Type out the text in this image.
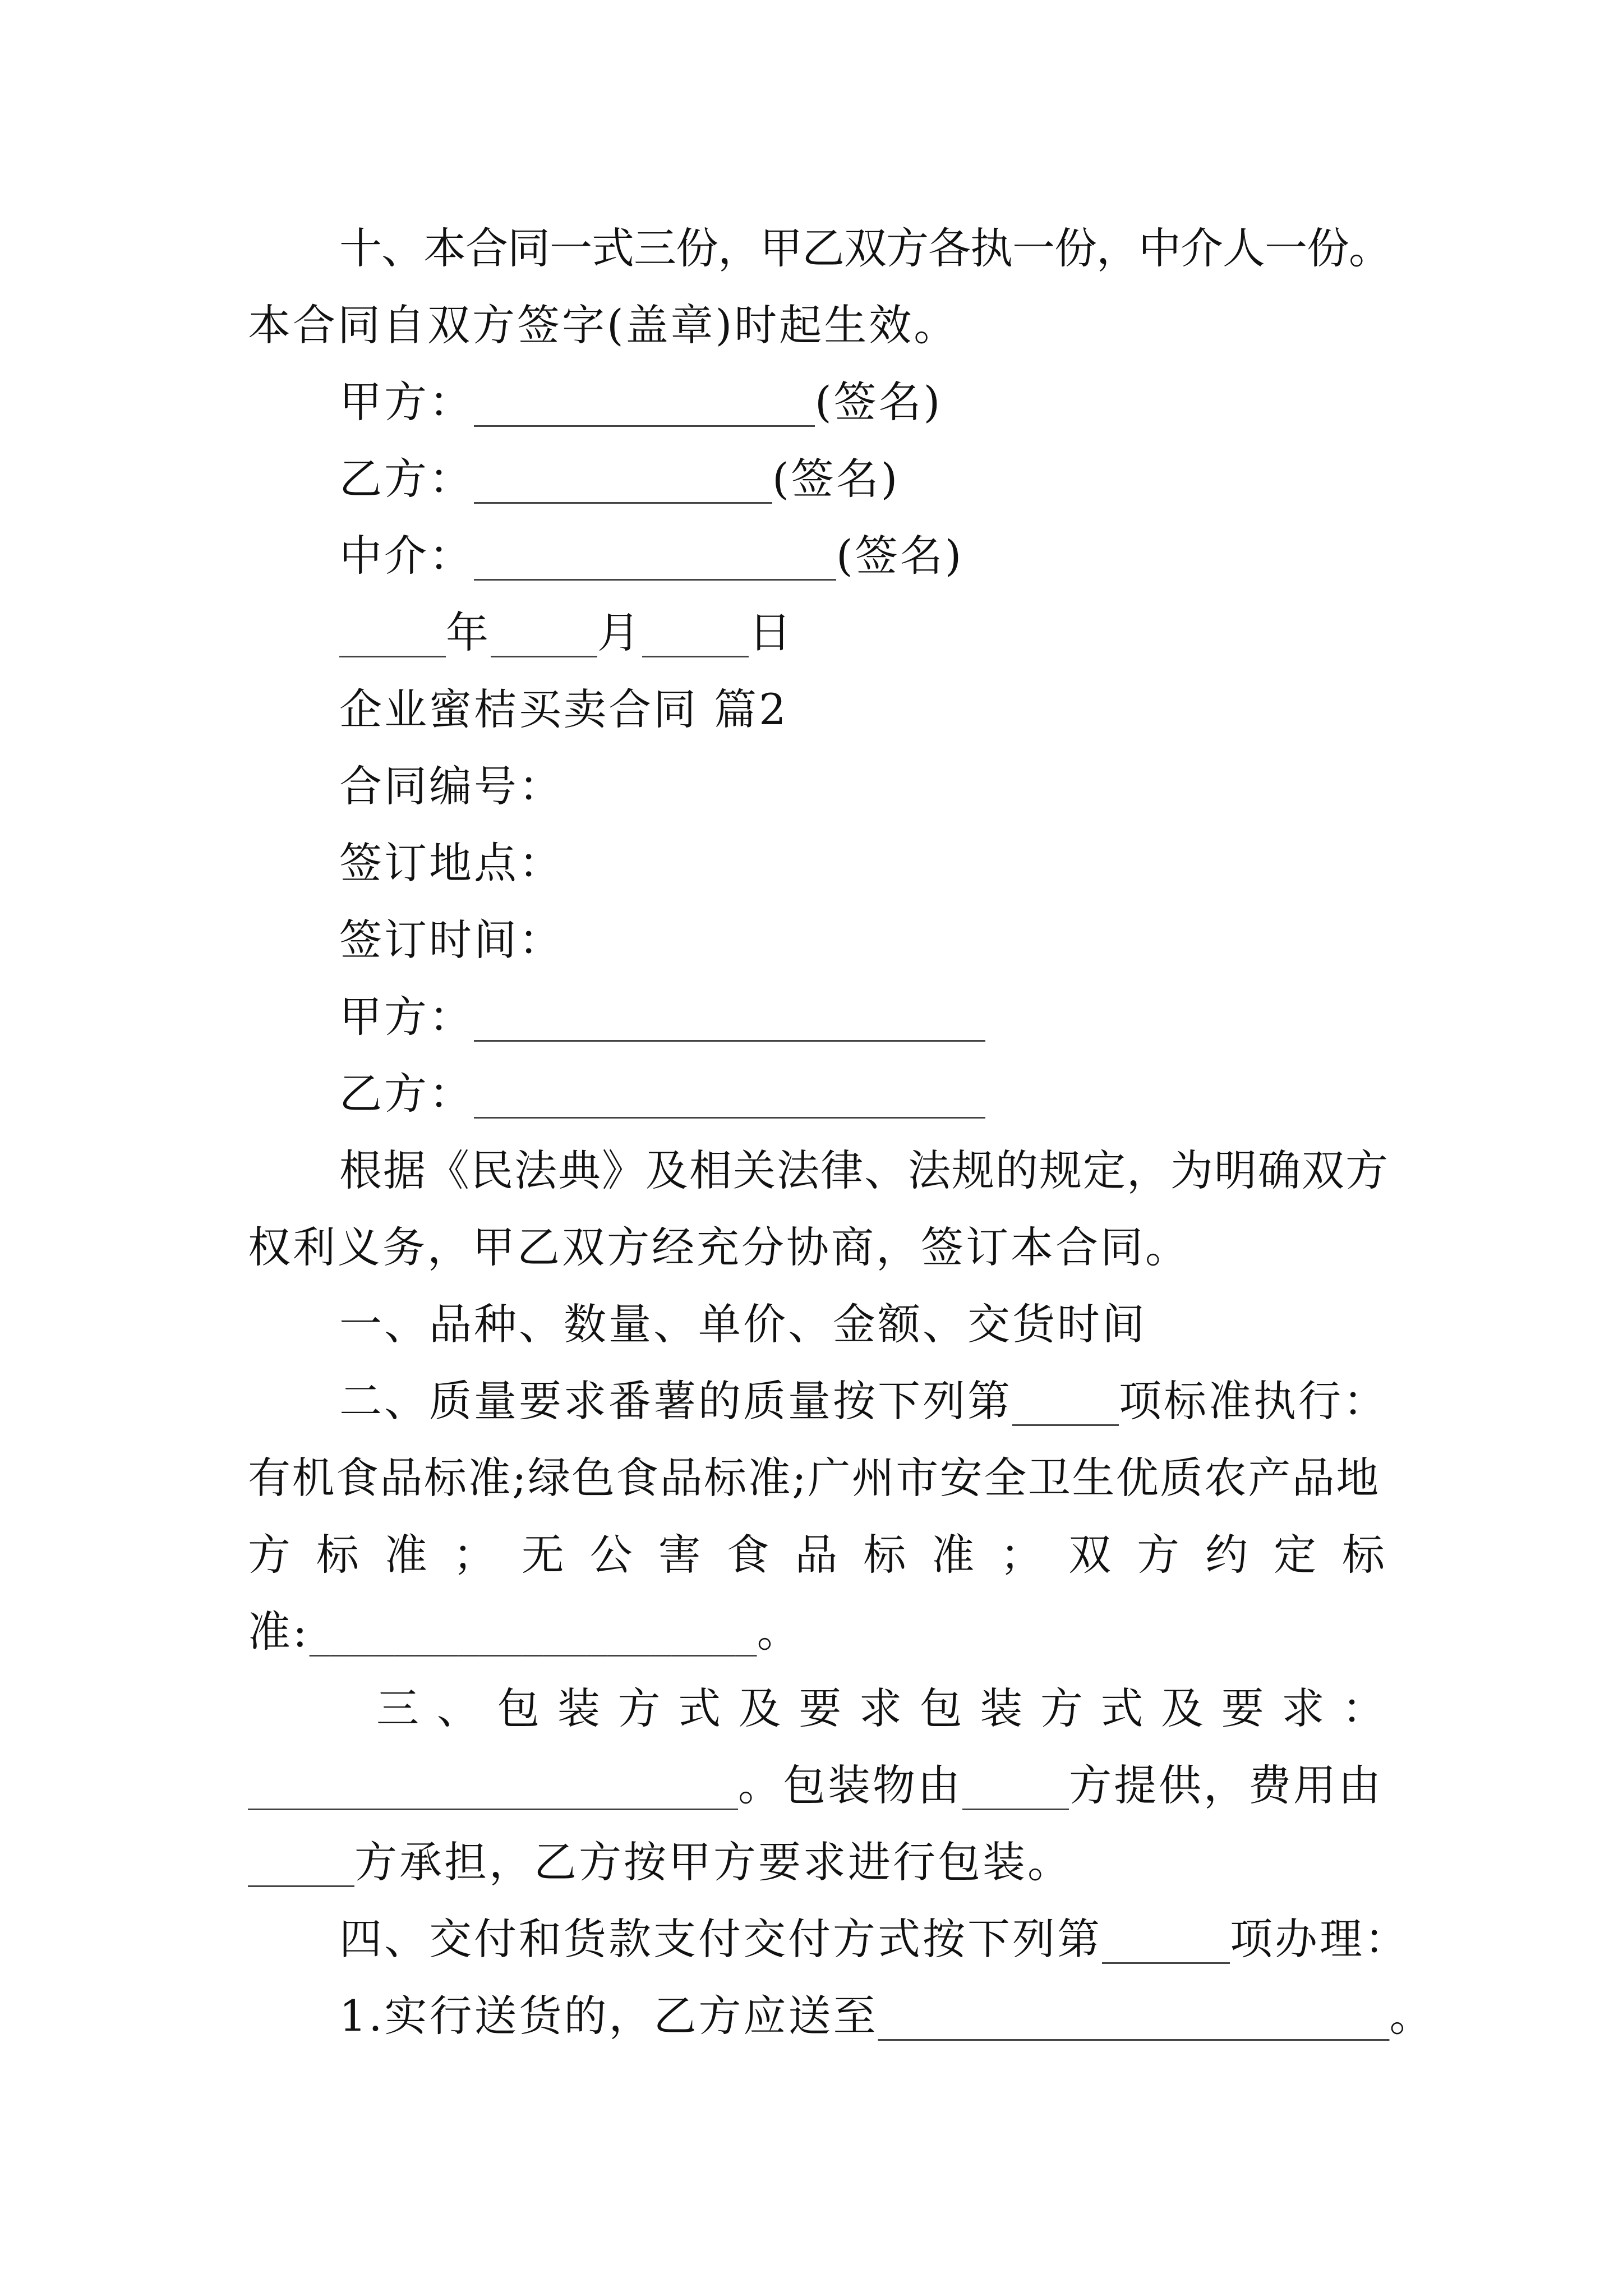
十、本合同一式三份，甲乙双方各执一份，中介人一份。
本合同自双方签字(盖章)时起生效。
甲方：________________(签名)
乙方：______________(签名)
中介：_________________(签名)
_____年_____月_____日
企业蜜桔买卖合同 篇2
合同编号：
签订地点：
签订时间：
甲方：________________________
乙方：________________________
根据《民法典》及相关法律、法规的规定，为明确双方
权利义务，甲乙双方经充分协商，签订本合同。
一、品种、数量、单价、金额、交货时间
二、质量要求番薯的质量按下列第_____项标准执行：
有机食品标准;绿色食品标准;广州市安全卫生优质农产品地
方标准；无公害食品标准；双方约定标
准:_____________________。
三、包装方式及要求包装方式及要求：
_______________________。包装物由_____方提供，费用由
_____方承担，乙方按甲方要求进行包装。
四、交付和货款支付交付方式按下列第______项办理：
1.实行送货的，乙方应送至________________________。
